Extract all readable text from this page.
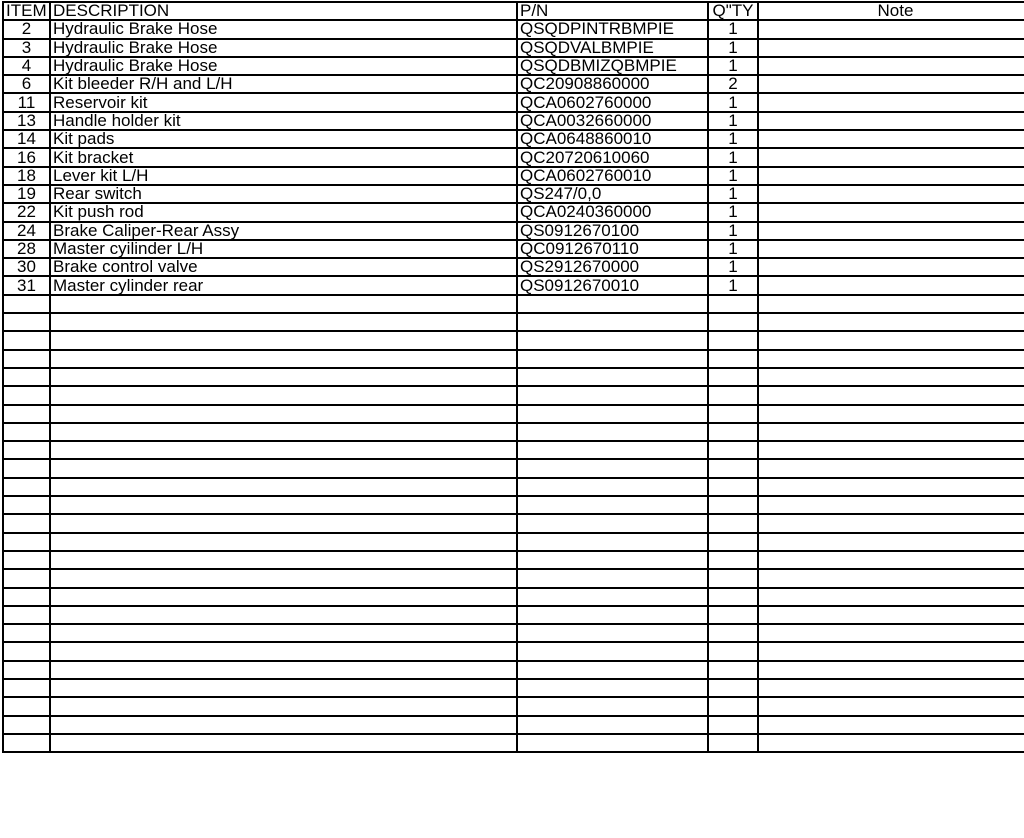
ITEM	DESCRIPTION	P/N	Q"TY	Note
2	Hydraulic Brake Hose	QSQDPINTRBMPIE	1	
3	Hydraulic Brake Hose	QSQDVALBMPIE	1	
4	Hydraulic Brake Hose	QSQDBMIZQBMPIE	1	
6	Kit bleeder R/H and L/H	QC20908860000	2	
11	Reservoir kit	QCA0602760000	1	
13	Handle holder kit	QCA0032660000	1	
14	Kit pads	QCA0648860010	1	
16	Kit bracket	QC20720610060	1	
18	Lever kit L/H	QCA0602760010	1	
19	Rear switch	QS247/0,0	1	
22	Kit push rod	QCA0240360000	1	
24	Brake Caliper-Rear Assy	QS0912670100	1	
28	Master cyilinder L/H	QC0912670110	1	
30	Brake control valve	QS2912670000	1	
31	Master cylinder rear	QS0912670010	1	
